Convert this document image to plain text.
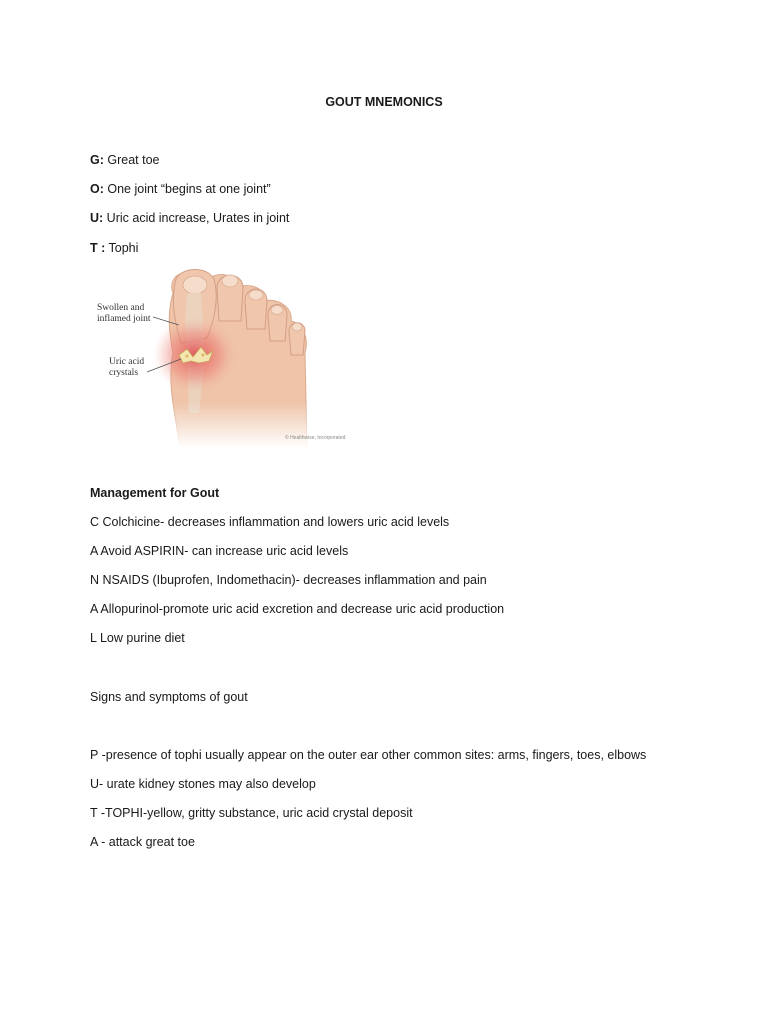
GOUT MNEMONICS
G: Great toe
O: One joint “begins at one joint”
U: Uric acid increase, Urates in joint
T : Tophi
Swollen and
inflamed joint
Uric acid
crystals
© Healthwise, Incorporated
Management for Gout
C Colchicine- decreases inflammation and lowers uric acid levels
A Avoid ASPIRIN- can increase uric acid levels
N NSAIDS (Ibuprofen, Indomethacin)- decreases inflammation and pain
A Allopurinol-promote uric acid excretion and decrease uric acid production
L Low purine diet
Signs and symptoms of gout
P -presence of tophi usually appear on the outer ear other common sites: arms, fingers, toes, elbows
U- urate kidney stones may also develop
T -TOPHI-yellow, gritty substance, uric acid crystal deposit
A - attack great toe
